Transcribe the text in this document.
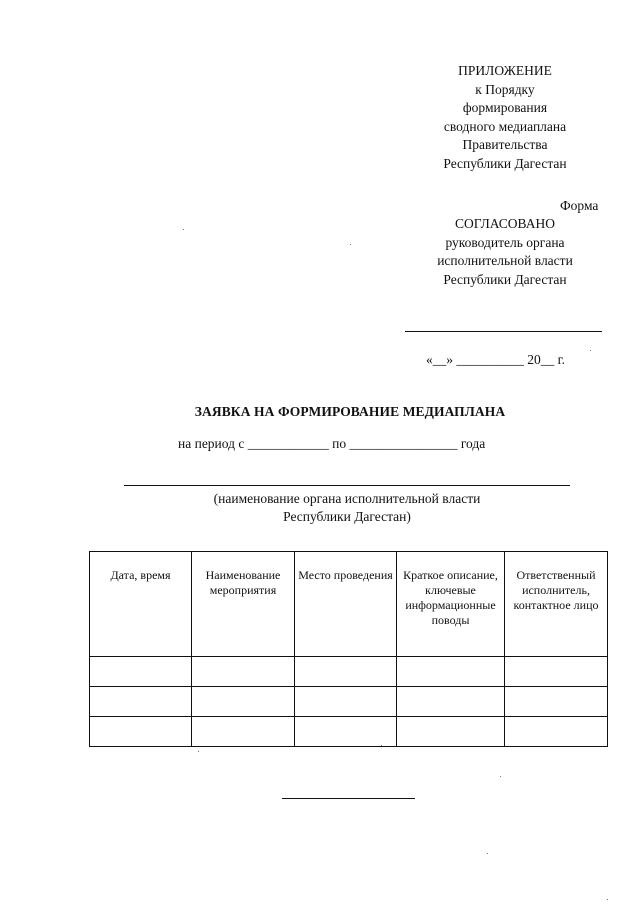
ПРИЛОЖЕНИЕ
к Порядку
формирования
сводного медиаплана
Правительства
Республики Дагестан
Форма
СОГЛАСОВАНО
руководитель органа
исполнительной власти
Республики Дагестан
«__» __________ 20__ г.
ЗАЯВКА НА ФОРМИРОВАНИЕ МЕДИАПЛАНА
на период с ____________ по ________________ года
(наименование органа исполнительной власти
Республики Дагестан)
Дата, время	Наименование мероприятия	Место проведения	Краткое описание, ключевые информационные поводы	Ответственный исполнитель, контактное лицо
